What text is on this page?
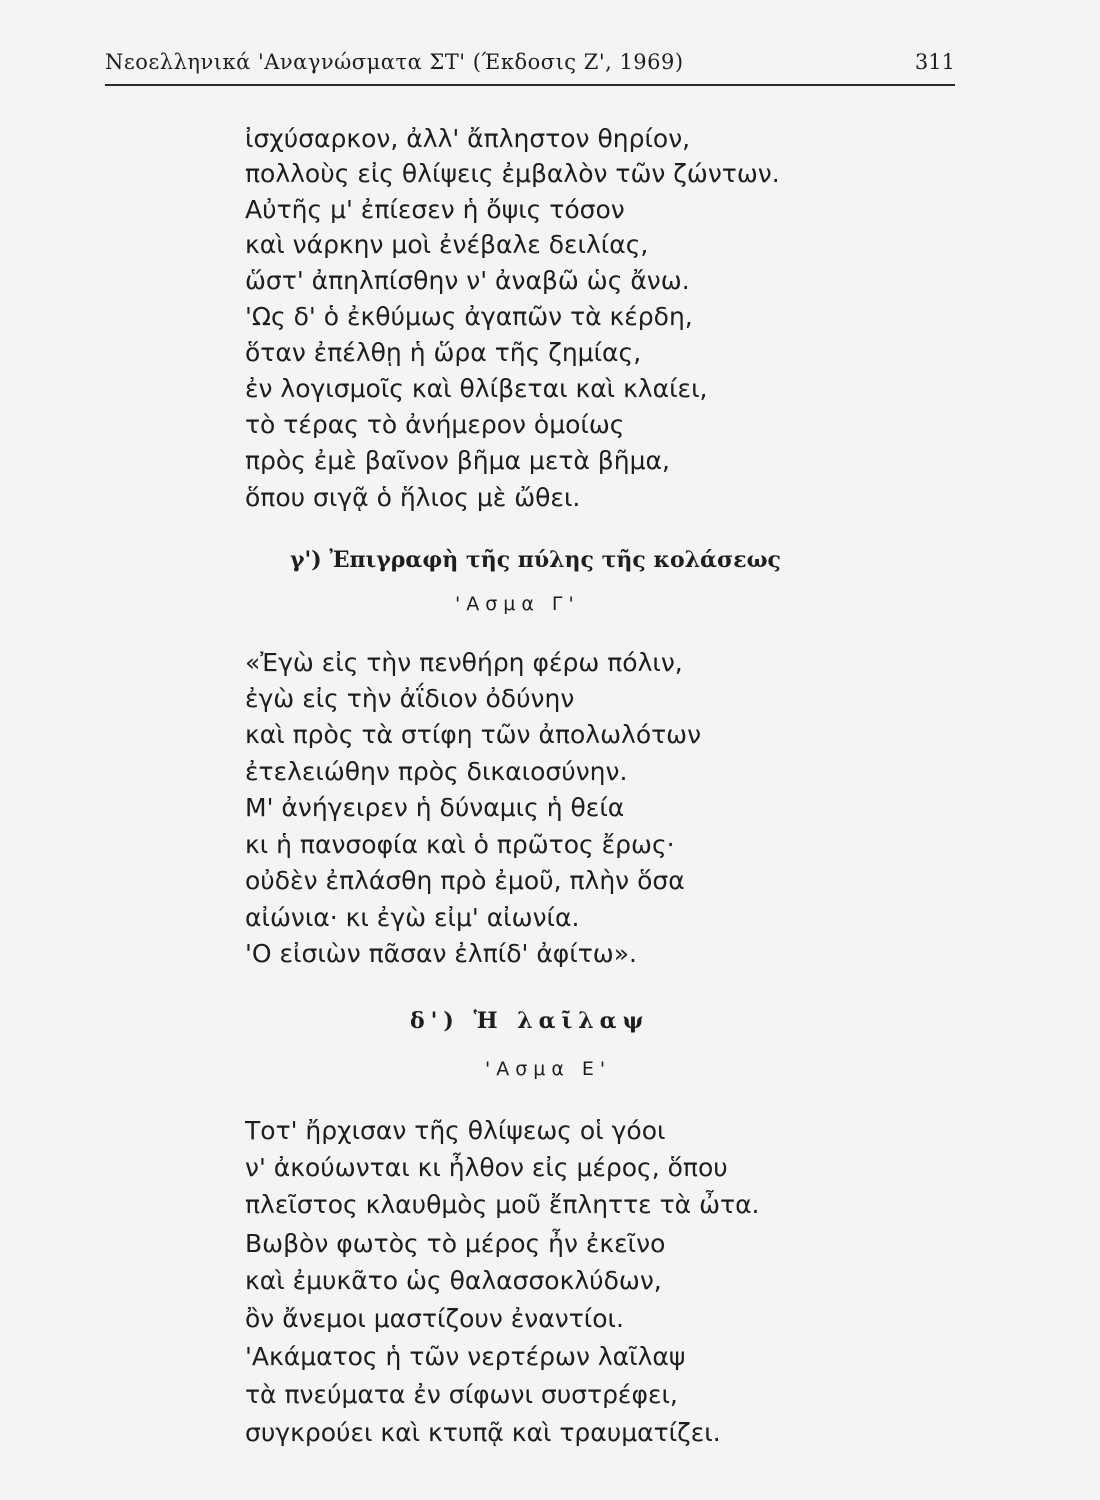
Νεοελληνικά 'Αναγνώσματα ΣΤ' (Έκδοσις Ζ', 1969)	311
ἰσχύσαρκον, ἀλλ' ἄπληστον θηρίον,
πολλοὺς εἰς θλίψεις ἐμβαλὸν τῶν ζώντων.
Αὐτῆς μ' ἐπίεσεν ἡ ὄψις τόσον
καὶ νάρκην μοὶ ἐνέβαλε δειλίας,
ὥστ' ἀπηλπίσθην ν' ἀναβῶ ὡς ἄνω.
'Ως δ' ὁ ἐκθύμως ἀγαπῶν τὰ κέρδη,
ὅταν ἐπέλθῃ ἡ ὥρα τῆς ζημίας,
ἐν λογισμοῖς καὶ θλίβεται καὶ κλαίει,
τὸ τέρας τὸ ἀνήμερον ὁμοίως
πρὸς ἐμὲ βαῖνον βῆμα μετὰ βῆμα,
ὅπου σιγᾷ ὁ ἥλιος μὲ ὤθει.
γ') Ἐπιγραφὴ τῆς πύλης τῆς κολάσεως
'Ασμα Γ'
«Ἐγὼ εἰς τὴν πενθήρη φέρω πόλιν,
ἐγὼ εἰς τὴν ἀΐδιον ὀδύνην
καὶ πρὸς τὰ στίφη τῶν ἀπολωλότων
ἐτελειώθην πρὸς δικαιοσύνην.
Μ' ἀνήγειρεν ἡ δύναμις ἡ θεία
κι ἡ πανσοφία καὶ ὁ πρῶτος ἔρως·
οὐδὲν ἐπλάσθη πρὸ ἐμοῦ, πλὴν ὅσα
αἰώνια· κι ἐγὼ εἰμ' αἰωνία.
'Ο εἰσιὼν πᾶσαν ἐλπίδ' ἀφίτω».
δ') Ἡ λαῖλαψ
'Ασμα Ε'
Τοτ' ἤρχισαν τῆς θλίψεως οἱ γόοι
ν' ἀκούωνται κι ἦλθον εἰς μέρος, ὅπου
πλεῖστος κλαυθμὸς μοῦ ἔπληττε τὰ ὦτα.
Βωβὸν φωτὸς τὸ μέρος ἦν ἐκεῖνο
καὶ ἐμυκᾶτο ὡς θαλασσοκλύδων,
ὂν ἄνεμοι μαστίζουν ἐναντίοι.
'Ακάματος ἡ τῶν νερτέρων λαῖλαψ
τὰ πνεύματα ἐν σίφωνι συστρέφει,
συγκρούει καὶ κτυπᾷ καὶ τραυματίζει.
